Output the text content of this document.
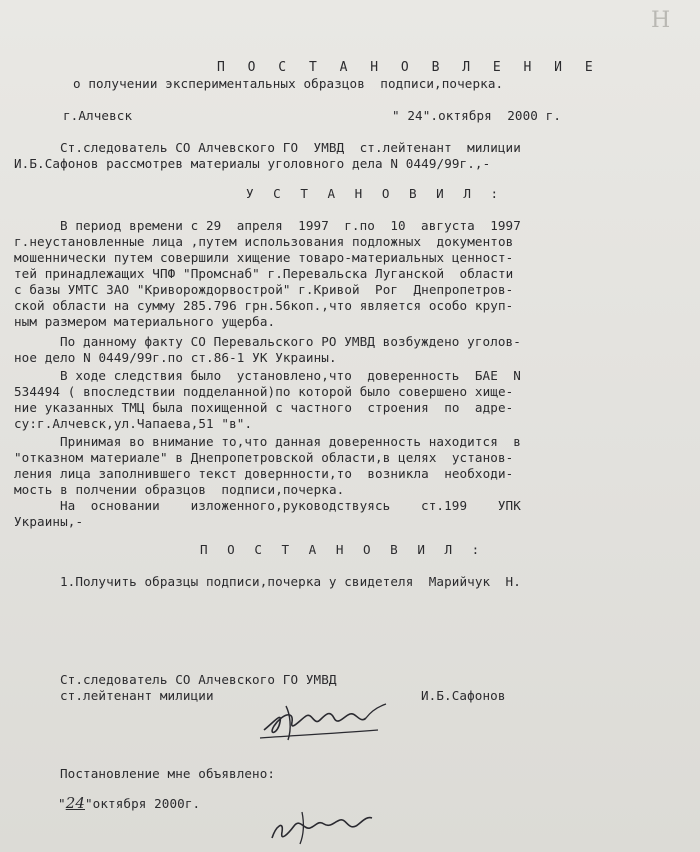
Н
П О С Т А Н О В Л Е Н И Е
о получении экспериментальных образцов  подписи,почерка.
г.Алчевск	" 24".октября  2000 г.
Ст.следователь СО Алчевского ГО  УМВД  ст.лейтенант  милиции
И.Б.Сафонов рассмотрев материалы уголовного дела N 0449/99г.,-
У С Т А Н О В И Л :
В период времени с 29  апреля  1997  г.по  10  августа  1997
г.неустановленные лица ,путем использования подложных  документов
мошеннически путем совершили хищение товаро-материальных ценност-
тей принадлежащих ЧПФ "Промснаб" г.Перевальска Луганской  области
с базы УМТС ЗАО "Криворождорвострой" г.Кривой  Рог  Днепропетров-
ской области на сумму 285.796 грн.56коп.,что является особо круп-
ным размером материального ущерба.
По данному факту СО Перевальского РО УМВД возбуждено уголов-
ное дело N 0449/99г.по ст.86-1 УК Украины.
В ходе следствия было  установлено,что  доверенность  БАЕ  N
534494 ( впоследствии подделанной)по которой было совершено хище-
ние указанных ТМЦ была похищенной с частного  строения  по  адре-
су:г.Алчевск,ул.Чапаева,51 "в".
Принимая во внимание то,что данная доверенность находится  в
"отказном материале" в Днепропетровской области,в целях  установ-
ления лица заполнившего текст довернности,то  возникла  необходи-
мость в полчении образцов  подписи,почерка.
На  основании    изложенного,руководствуясь    ст.199    УПК
Украины,-
П О С Т А Н О В И Л :
1.Получить образцы подписи,почерка у свидетеля  Марийчук  Н.
Ст.следователь СО Алчевского ГО УМВД
ст.лейтенант милиции	И.Б.Сафонов
Постановление мне объявлено:
"24"октября 2000г.
